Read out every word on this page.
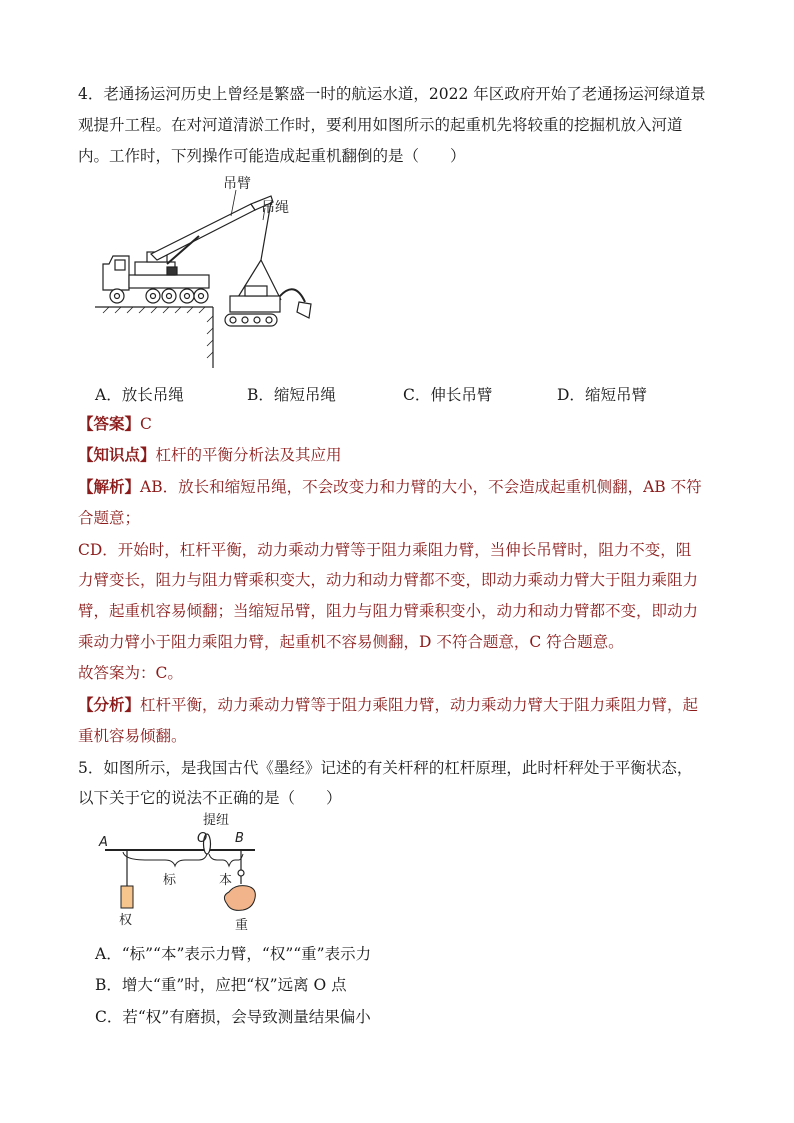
4．老通扬运河历史上曾经是繁盛一时的航运水道，2022 年区政府开始了老通扬运河绿道景
观提升工程。在对河道清淤工作时，要利用如图所示的起重机先将较重的挖掘机放入河道
内。工作时，下列操作可能造成起重机翻倒的是（　　）
吊臂
吊绳
A．放长吊绳	B．缩短吊绳	C．伸长吊臂	D．缩短吊臂
【答案】C
【知识点】杠杆的平衡分析法及其应用
【解析】AB．放长和缩短吊绳，不会改变力和力臂的大小，不会造成起重机侧翻，AB 不符
合题意；
CD．开始时，杠杆平衡，动力乘动力臂等于阻力乘阻力臂，当伸长吊臂时，阻力不变，阻
力臂变长，阻力与阻力臂乘积变大，动力和动力臂都不变，即动力乘动力臂大于阻力乘阻力
臂，起重机容易倾翻；当缩短吊臂，阻力与阻力臂乘积变小，动力和动力臂都不变，即动力
乘动力臂小于阻力乘阻力臂，起重机不容易侧翻，D 不符合题意，C 符合题意。
故答案为：C。
【分析】杠杆平衡，动力乘动力臂等于阻力乘阻力臂，动力乘动力臂大于阻力乘阻力臂，起
重机容易倾翻。
5．如图所示，是我国古代《墨经》记述的有关杆秤的杠杆原理，此时杆秤处于平衡状态，
以下关于它的说法不正确的是（　　）
A	O B
提纽
标	本
权	重
A．“标”“本”表示力臂，“权”“重”表示力
B．增大“重”时，应把“权”远离 O 点
C．若“权”有磨损，会导致测量结果偏小
